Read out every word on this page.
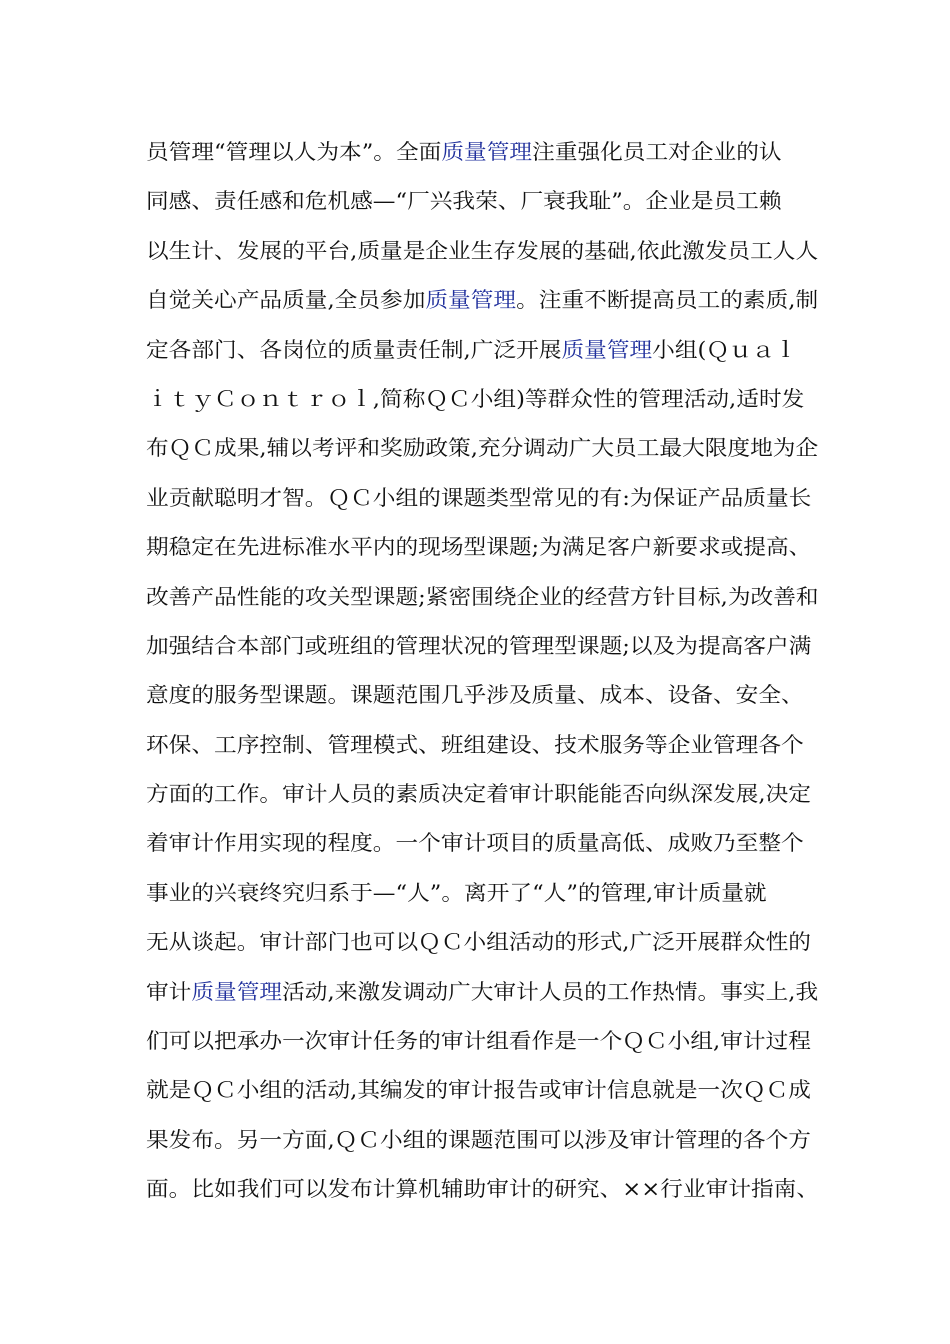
员管理“管理以人为本”。全面质量管理注重强化员工对企业的认
同感、责任感和危机感—“厂兴我荣、厂衰我耻”。企业是员工赖
以生计、发展的平台,质量是企业生存发展的基础,依此激发员工人人
自觉关心产品质量,全员参加质量管理。注重不断提高员工的素质,制
定各部门、各岗位的质量责任制,广泛开展质量管理小组(Ｑｕａｌ
ｉｔｙＣｏｎｔｒｏｌ,简称ＱＣ小组)等群众性的管理活动,适时发
布ＱＣ成果,辅以考评和奖励政策,充分调动广大员工最大限度地为企
业贡献聪明才智。ＱＣ小组的课题类型常见的有:为保证产品质量长
期稳定在先进标准水平内的现场型课题;为满足客户新要求或提高、
改善产品性能的攻关型课题;紧密围绕企业的经营方针目标,为改善和
加强结合本部门或班组的管理状况的管理型课题;以及为提高客户满
意度的服务型课题。课题范围几乎涉及质量、成本、设备、安全、
环保、工序控制、管理模式、班组建设、技术服务等企业管理各个
方面的工作。审计人员的素质决定着审计职能能否向纵深发展,决定
着审计作用实现的程度。一个审计项目的质量高低、成败乃至整个
事业的兴衰终究归系于—“人”。离开了“人”的管理,审计质量就
无从谈起。审计部门也可以ＱＣ小组活动的形式,广泛开展群众性的
审计质量管理活动,来激发调动广大审计人员的工作热情。事实上,我
们可以把承办一次审计任务的审计组看作是一个ＱＣ小组,审计过程
就是ＱＣ小组的活动,其编发的审计报告或审计信息就是一次ＱＣ成
果发布。另一方面,ＱＣ小组的课题范围可以涉及审计管理的各个方
面。比如我们可以发布计算机辅助审计的研究、××行业审计指南、
